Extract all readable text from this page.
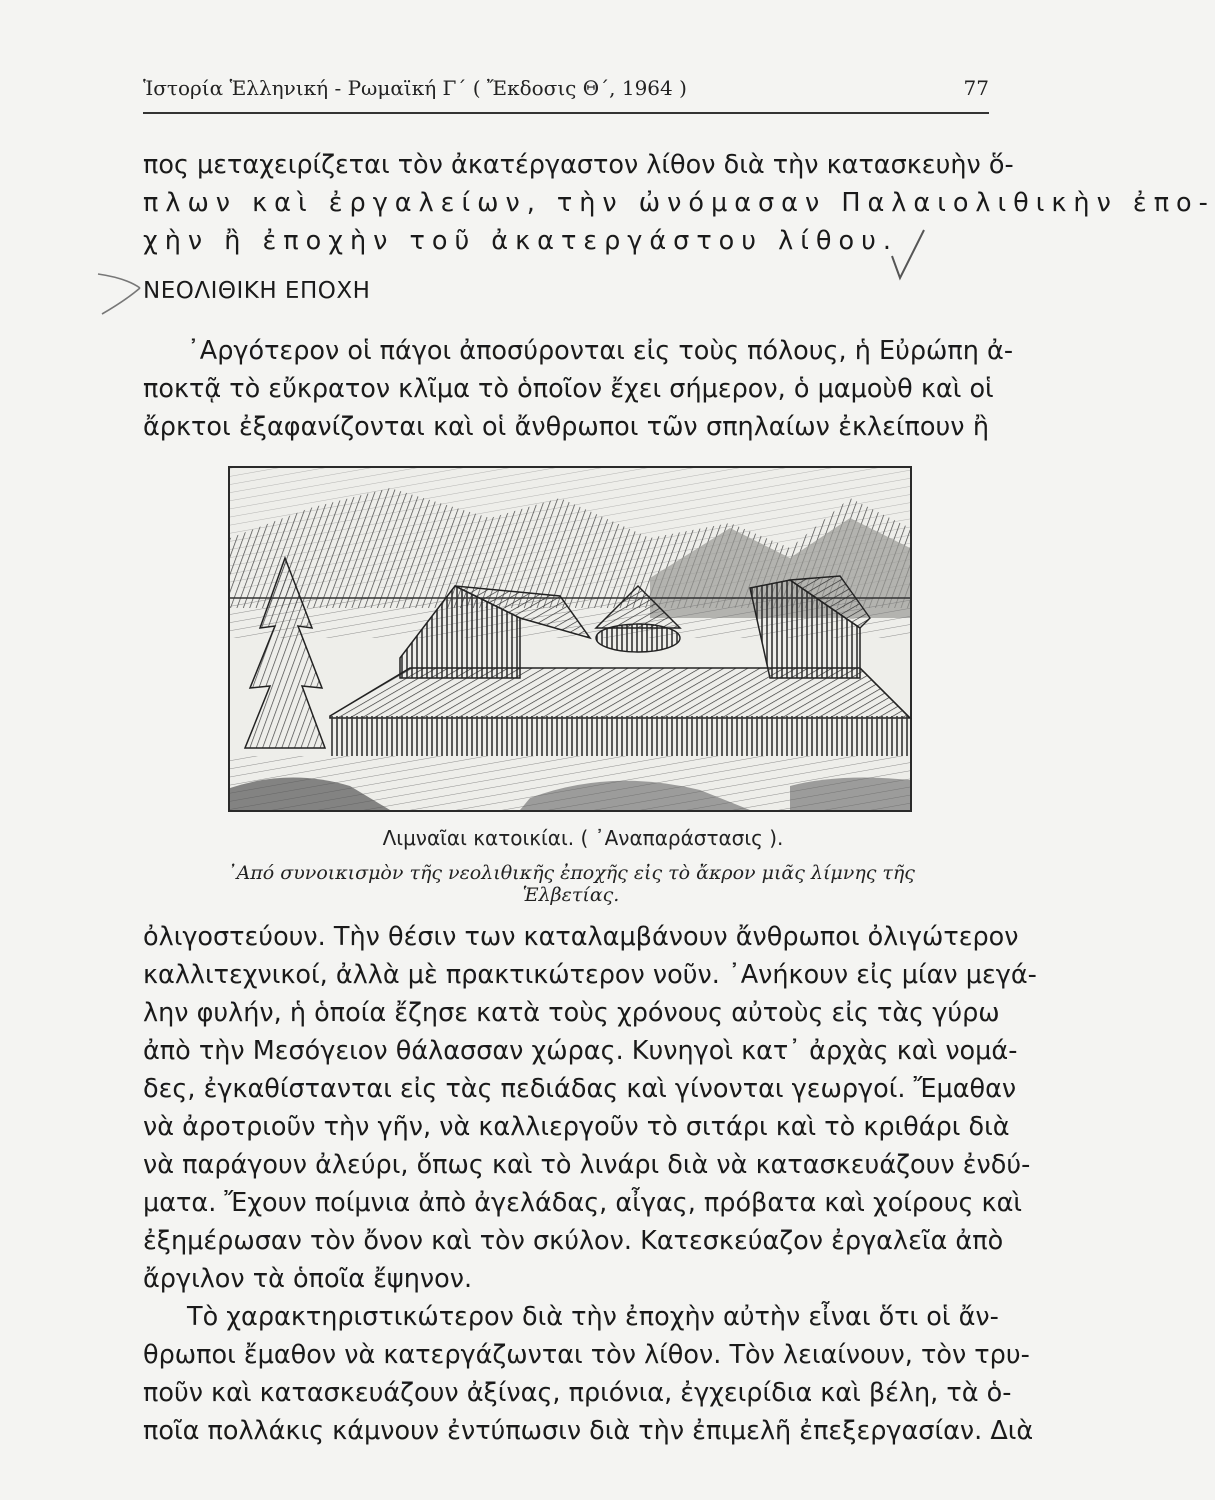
Ἱστορία Ἑλληνική - Ρωμαϊκή Γ΄ ( Ἔκδοσις Θ΄, 1964 )	77
πος μεταχειρίζεται τὸν ἀκατέργαστον λίθον διὰ τὴν κατασκευὴν ὅ-
πλων καὶ ἐργαλείων, τὴν ὠνόμασαν Παλαιολιθικὴν ἐπο-
χὴν ἢ ἐποχὴν τοῦ ἀκατεργάστου λίθου.
ΝΕΟΛΙΘΙΚΗ ΕΠΟΧΗ
᾿Αργότερον οἱ πάγοι ἀποσύρονται εἰς τοὺς πόλους, ἡ Εὐρώπη ἀ-
ποκτᾷ τὸ εὔκρατον κλῖμα τὸ ὁποῖον ἔχει σήμερον, ὁ μαμοὺθ καὶ οἱ
ἄρκτοι ἐξαφανίζονται καὶ οἱ ἄνθρωποι τῶν σπηλαίων ἐκλείπουν ἢ
Λιμναῖαι κατοικίαι. ( ᾿Αναπαράστασις ).
᾿Από συνοικισμὸν τῆς νεολιθικῆς ἐποχῆς εἰς τὸ ἄκρον μιᾶς λίμνης τῆς Ἑλβετίας.
ὀλιγοστεύουν. Τὴν θέσιν των καταλαμβάνουν ἄνθρωποι ὀλιγώτερον
καλλιτεχνικοί, ἀλλὰ μὲ πρακτικώτερον νοῦν. ᾿Ανήκουν εἰς μίαν μεγά-
λην φυλήν, ἡ ὁποία ἔζησε κατὰ τοὺς χρόνους αὐτοὺς εἰς τὰς γύρω
ἀπὸ τὴν Μεσόγειον θάλασσαν χώρας. Κυνηγοὶ κατ᾿ ἀρχὰς καὶ νομά-
δες, ἐγκαθίστανται εἰς τὰς πεδιάδας καὶ γίνονται γεωργοί. Ἔμαθαν
νὰ ἀροτριοῦν τὴν γῆν, νὰ καλλιεργοῦν τὸ σιτάρι καὶ τὸ κριθάρι διὰ
νὰ παράγουν ἀλεύρι, ὅπως καὶ τὸ λινάρι διὰ νὰ κατασκευάζουν ἐνδύ-
ματα. Ἔχουν ποίμνια ἀπὸ ἀγελάδας, αἶγας, πρόβατα καὶ χοίρους καὶ
ἐξημέρωσαν τὸν ὄνον καὶ τὸν σκύλον. Κατεσκεύαζον ἐργαλεῖα ἀπὸ
ἄργιλον τὰ ὁποῖα ἔψηνον.
Τὸ χαρακτηριστικώτερον διὰ τὴν ἐποχὴν αὐτὴν εἶναι ὅτι οἱ ἄν-
θρωποι ἔμαθον νὰ κατεργάζωνται τὸν λίθον. Τὸν λειαίνουν, τὸν τρυ-
ποῦν καὶ κατασκευάζουν ἀξίνας, πριόνια, ἐγχειρίδια καὶ βέλη, τὰ ὁ-
ποῖα πολλάκις κάμνουν ἐντύπωσιν διὰ τὴν ἐπιμελῆ ἐπεξεργασίαν. Διὰ
